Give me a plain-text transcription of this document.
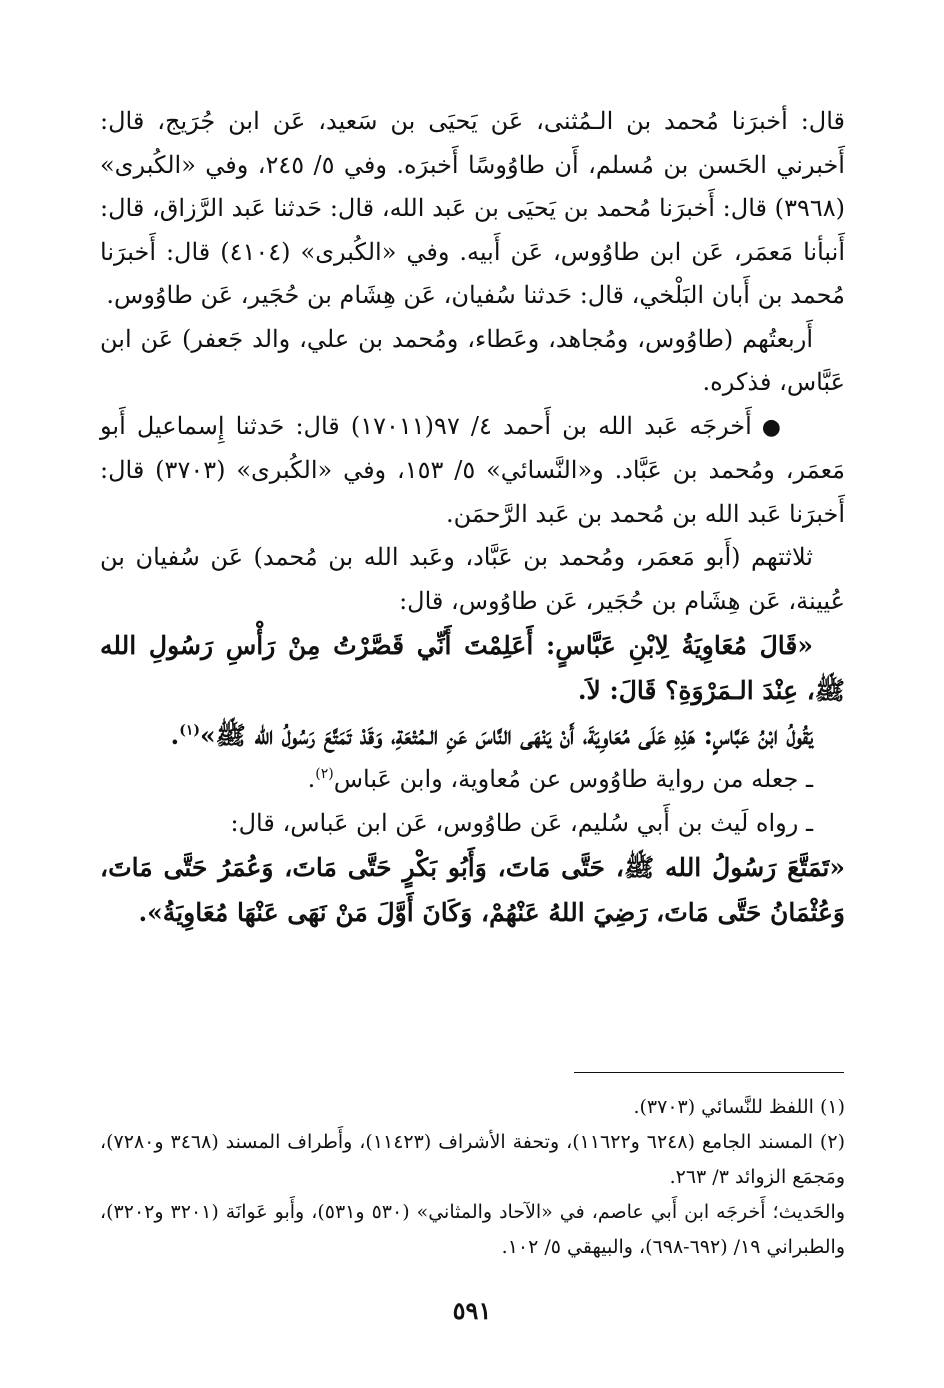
قال: أخبرَنا مُحمد بن الـمُثنى، عَن يَحيَى بن سَعيد، عَن ابن جُرَيج، قال: أَخبرني الحَسن بن مُسلم، أَن طاوُوسًا أَخبرَه. وفي ٥/ ٢٤٥، وفي «الكُبرى» (٣٩٦٨) قال: أَخبرَنا مُحمد بن يَحيَى بن عَبد الله، قال: حَدثنا عَبد الرَّزاق، قال: أَنبأنا مَعمَر، عَن ابن طاوُوس، عَن أَبيه. وفي «الكُبرى» (٤١٠٤) قال: أَخبرَنا مُحمد بن أَبان البَلْخي، قال: حَدثنا سُفيان، عَن هِشَام بن حُجَير، عَن طاوُوس.

أَربعتُهم (طاوُوس، ومُجاهد، وعَطاء، ومُحمد بن علي، والد جَعفر) عَن ابن عَبَّاس، فذكره.

●أَخرجَه عَبد الله بن أَحمد ٤/ ٩٧(١٧٠١١) قال: حَدثنا إِسماعيل أَبو مَعمَر، ومُحمد بن عَبَّاد. و«النَّسائي» ٥/ ١٥٣، وفي «الكُبرى» (٣٧٠٣) قال: أَخبرَنا عَبد الله بن مُحمد بن عَبد الرَّحمَن.

ثلاثتهم (أَبو مَعمَر، ومُحمد بن عَبَّاد، وعَبد الله بن مُحمد) عَن سُفيان بن عُيينة، عَن هِشَام بن حُجَير، عَن طاوُوس، قال:

«قَالَ مُعَاوِيَةُ لِابْنِ عَبَّاسٍ: أَعَلِمْتَ أَنِّي قَصَّرْتُ مِنْ رَأْسِ رَسُولِ الله ﷺ، عِنْدَ الـمَرْوَةِ؟ قَالَ: لاَ.

يَقُولُ ابْنُ عَبَّاسٍ: هَذِهِ عَلَى مُعَاوِيَةَ، أَنْ يَنْهَى النَّاسَ عَنِ الـمُتْعَةِ، وَقَدْ تَمَتَّعَ رَسُولُ الله ﷺ»$^{(١)}$.

ـ جعله من رواية طاوُوس عن مُعاوية، وابن عَباس$^{(٢)}$.

ـ رواه لَيث بن أَبي سُليم، عَن طاوُوس، عَن ابن عَباس، قال:

«تَمَتَّعَ رَسُولُ الله ﷺ، حَتَّى مَاتَ، وَأَبُو بَكْرٍ حَتَّى مَاتَ، وَعُمَرُ حَتَّى مَاتَ، وَعُثْمَانُ حَتَّى مَاتَ، رَضِيَ اللهُ عَنْهُمْ، وَكَانَ أَوَّلَ مَنْ نَهَى عَنْهَا مُعَاوِيَةُ».

(١) اللفظ للنَّسائي (٣٧٠٣).

(٢) المسند الجامع (٦٢٤٨ و١١٦٢٢)، وتحفة الأشراف (١١٤٢٣)، وأَطراف المسند (٣٤٦٨ و٧٢٨٠)، ومَجمَع الزوائد ٣/ ٢٦٣.

والحَديث؛ أَخرجَه ابن أَبي عاصم، في «الآحاد والمثاني» (٥٣٠ و٥٣١)، وأَبو عَوانَة (٣٢٠١ و٣٢٠٢)، والطبراني ١٩/ (٦٩٢-٦٩٨)، والبيهقي ٥/ ١٠٢.

٥٩١
